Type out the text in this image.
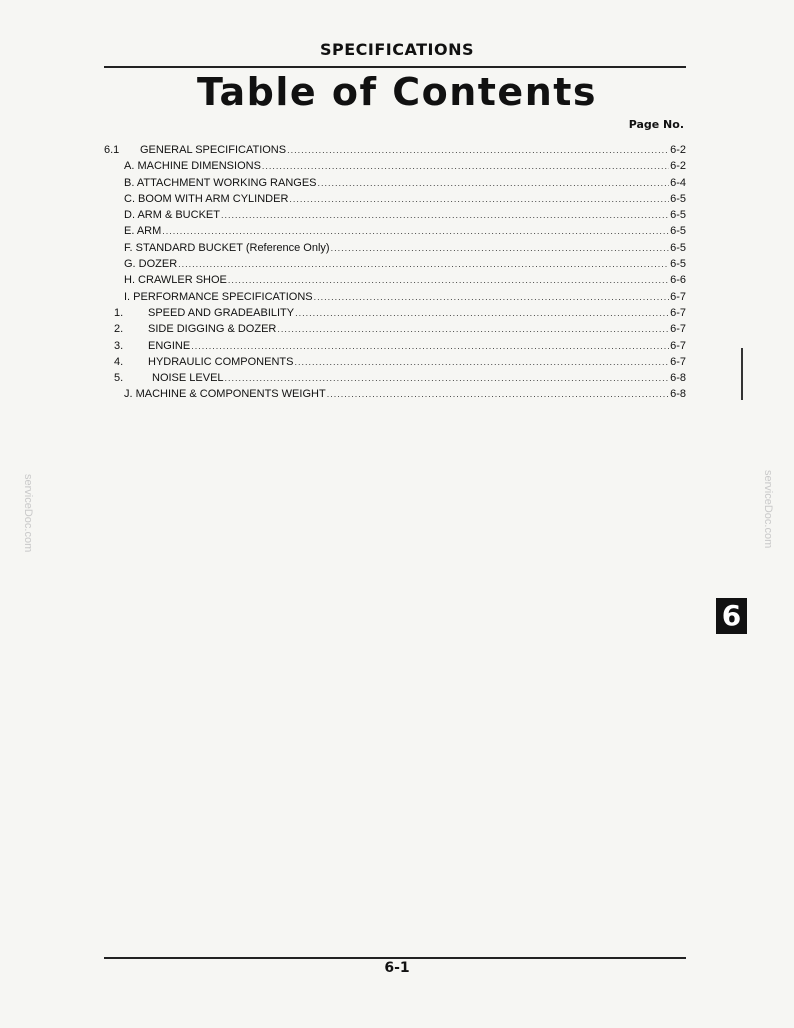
SPECIFICATIONS
Table of Contents
Page No.
6.1 GENERAL SPECIFICATIONS .....	6-2
A. MACHINE DIMENSIONS .....	6-2
B. ATTACHMENT WORKING RANGES .....	6-4
C. BOOM WITH ARM CYLINDER .....	6-5
D. ARM & BUCKET .....	6-5
E. ARM .....	6-5
F. STANDARD BUCKET (Reference Only) .....	6-5
G. DOZER .....	6-5
H. CRAWLER SHOE .....	6-6
I. PERFORMANCE SPECIFICATIONS .....	6-7
1. SPEED AND GRADEABILITY .....	6-7
2. SIDE DIGGING & DOZER .....	6-7
3. ENGINE .....	6-7
4. HYDRAULIC COMPONENTS .....	6-7
5.	NOISE LEVEL .....	6-8
J. MACHINE & COMPONENTS WEIGHT .....	6-8
6
serviceDoc.com	serviceDoc.com
6-1
